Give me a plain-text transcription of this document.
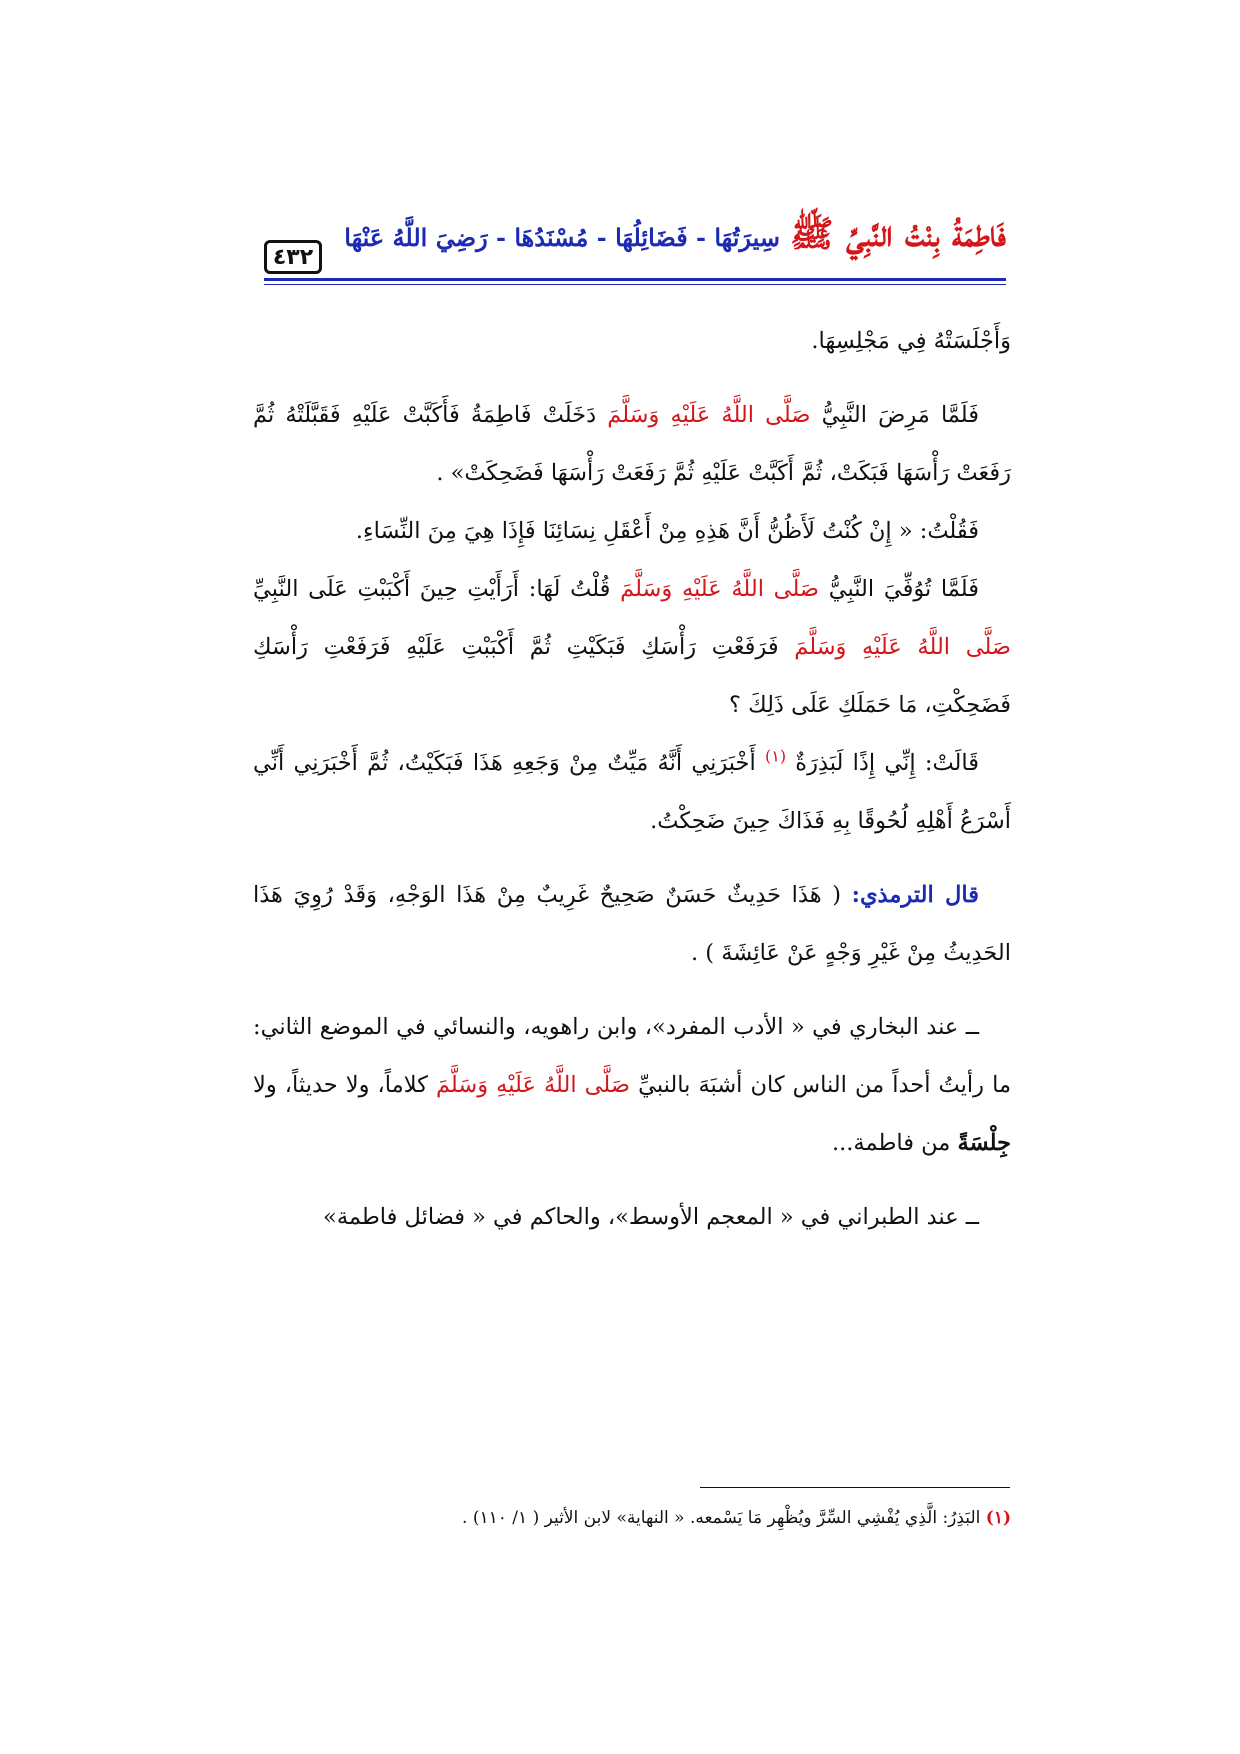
فَاطِمَةُ بِنْتُ النَّبِيِّ ﷺ
سِيرَتُهَا - فَضَائِلُهَا - مُسْنَدُهَا - رَضِيَ اللَّهُ عَنْهَا
٤٣٢

وَأَجْلَسَتْهُ فِي مَجْلِسِهَا.

فَلَمَّا مَرِضَ النَّبِيُّ صَلَّى اللَّهُ عَلَيْهِ وَسَلَّمَ دَخَلَتْ فَاطِمَةُ فَأَكَبَّتْ عَلَيْهِ فَقَبَّلَتْهُ ثُمَّ رَفَعَتْ رَأْسَهَا فَبَكَتْ، ثُمَّ أَكَبَّتْ عَلَيْهِ ثُمَّ رَفَعَتْ رَأْسَهَا فَضَحِكَتْ» .

فَقُلْتُ: « إِنْ كُنْتُ لَأَظُنُّ أَنَّ هَذِهِ مِنْ أَعْقَلِ نِسَائِنَا فَإِذَا هِيَ مِنَ النِّسَاءِ.

فَلَمَّا تُوُفِّيَ النَّبِيُّ صَلَّى اللَّهُ عَلَيْهِ وَسَلَّمَ قُلْتُ لَهَا: أَرَأَيْتِ حِينَ أَكْبَبْتِ عَلَى النَّبِيِّ صَلَّى اللَّهُ عَلَيْهِ وَسَلَّمَ فَرَفَعْتِ رَأْسَكِ فَبَكَيْتِ ثُمَّ أَكْبَبْتِ عَلَيْهِ فَرَفَعْتِ رَأْسَكِ فَضَحِكْتِ، مَا حَمَلَكِ عَلَى ذَلِكَ ؟

قَالَتْ: إِنِّي إِذًا لَبَذِرَةٌ $^{(١)}$ أَخْبَرَنِي أَنَّهُ مَيِّتٌ مِنْ وَجَعِهِ هَذَا فَبَكَيْتُ، ثُمَّ أَخْبَرَنِي أَنِّي أَسْرَعُ أَهْلِهِ لُحُوقًا بِهِ فَذَاكَ حِينَ ضَحِكْتُ.

قال الترمذي: ( هَذَا حَدِيثٌ حَسَنٌ صَحِيحٌ غَرِيبٌ مِنْ هَذَا الوَجْهِ، وَقَدْ رُوِيَ هَذَا الحَدِيثُ مِنْ غَيْرِ وَجْهٍ عَنْ عَائِشَةَ ) .

ــ عند البخاري في « الأدب المفرد»، وابن راهويه، والنسائي في الموضع الثاني: ما رأيتُ أحداً من الناس كان أشبَهَ بالنبيِّ صَلَّى اللَّهُ عَلَيْهِ وَسَلَّمَ كلاماً، ولا حديثاً، ولا جِلْسَةً من فاطمة...

ــ عند الطبراني في « المعجم الأوسط»، والحاكم في « فضائل فاطمة»

(١) البَذِرُ: الَّذِي يُفْشِي السِّرَّ ويُظْهِر مَا يَسْمعه. « النهاية» لابن الأثير ( ١/ ١١٠) .
